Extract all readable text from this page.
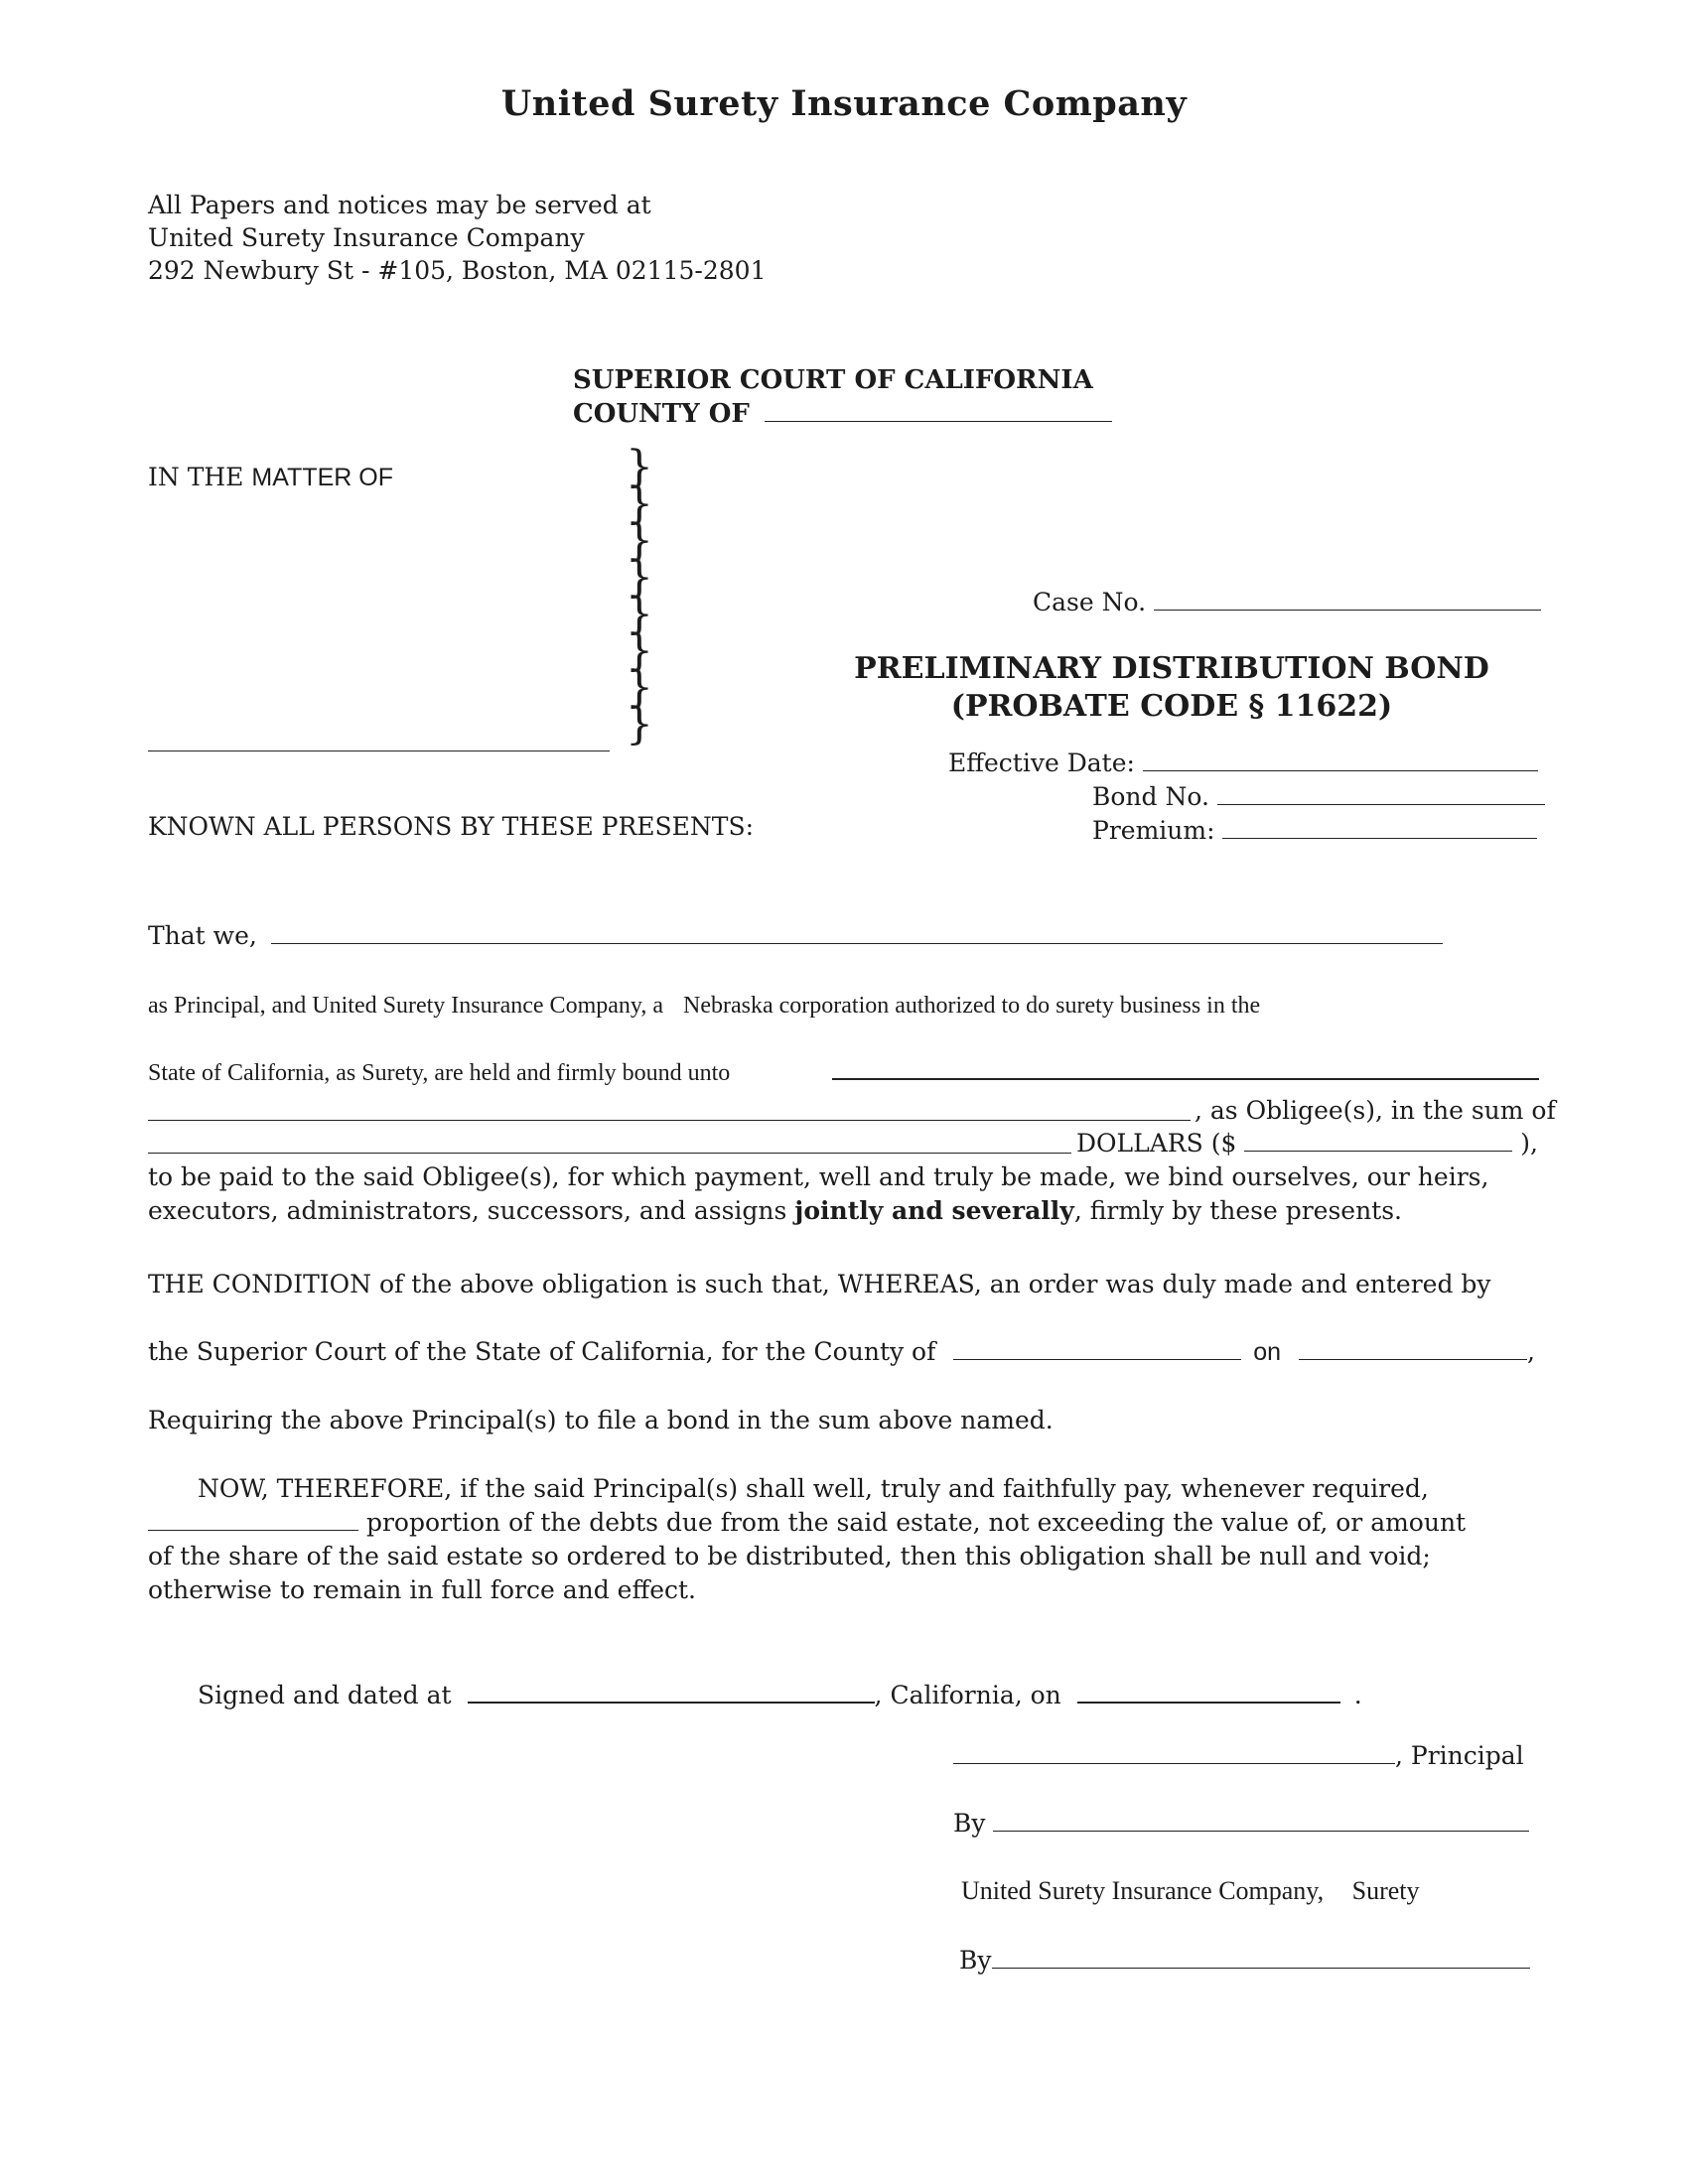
United Surety Insurance Company
All Papers and notices may be served at
United Surety Insurance Company
292 Newbury St - #105, Boston, MA 02115-2801
SUPERIOR COURT OF CALIFORNIA
COUNTY OF
IN THE MATTER OF	}
}
}
}
}
}
}
}
Case No.
PRELIMINARY DISTRIBUTION BOND
(PROBATE CODE § 11622)
Effective Date:
Bond No.
Premium:
KNOWN ALL PERSONS BY THESE PRESENTS:
That we,
as Principal, and United Surety Insurance Company, a Nebraska corporation authorized to do surety business in the
State of California, as Surety, are held and firmly bound unto
, as Obligee(s), in the sum of
DOLLARS ($	),
to be paid to the said Obligee(s), for which payment, well and truly be made, we bind ourselves, our heirs,
executors, administrators, successors, and assigns jointly and severally, firmly by these presents.
THE CONDITION of the above obligation is such that, WHEREAS, an order was duly made and entered by
the Superior Court of the State of California, for the County of	on	,
Requiring the above Principal(s) to file a bond in the sum above named.
NOW, THEREFORE, if the said Principal(s) shall well, truly and faithfully pay, whenever required,
proportion of the debts due from the said estate, not exceeding the value of, or amount
of the share of the said estate so ordered to be distributed, then this obligation shall be null and void;
otherwise to remain in full force and effect.
Signed and dated at	, California, on	.
, Principal
By
United Surety Insurance Company, Surety
By
